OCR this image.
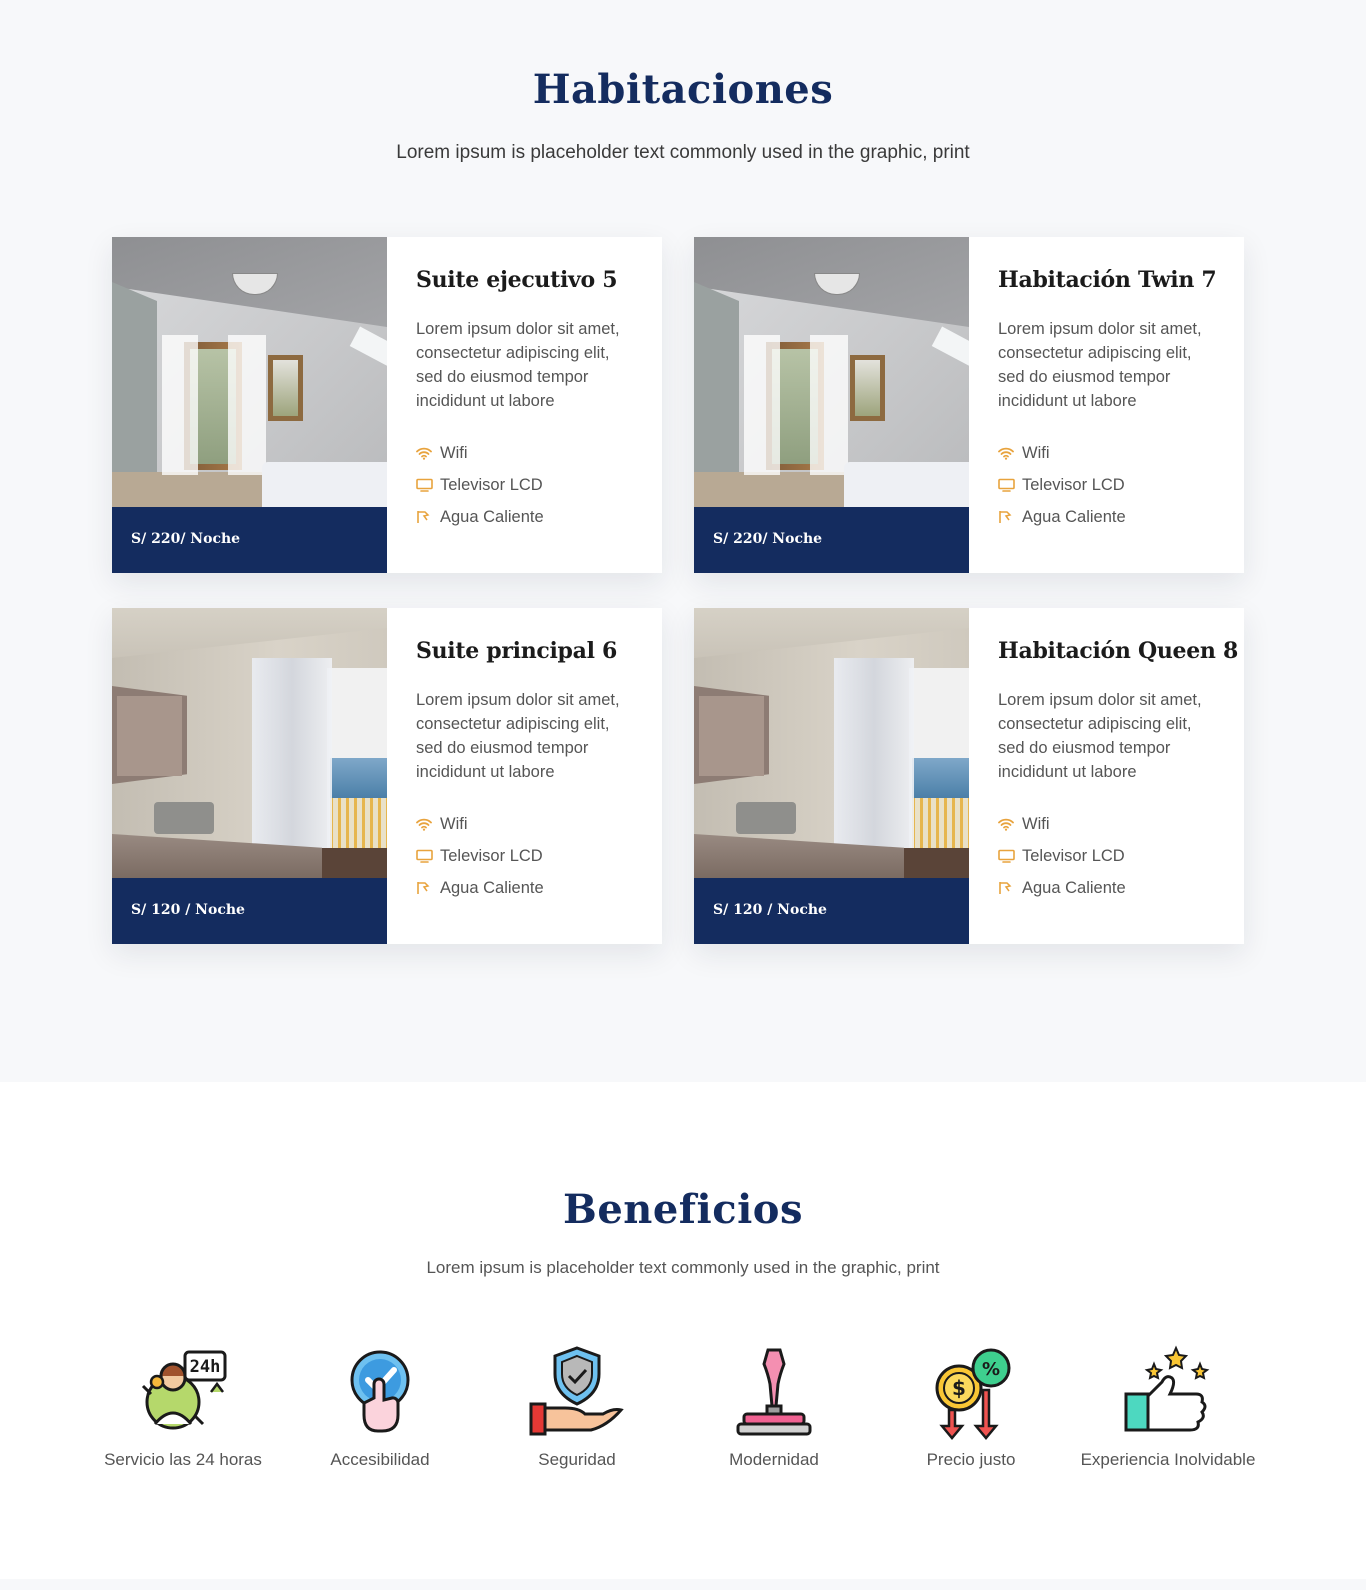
Habitaciones

Lorem ipsum is placeholder text commonly used in the graphic, print

S/ 220/ Noche
Suite ejecutivo 5

Lorem ipsum dolor sit amet, consectetur adipiscing elit, sed do eiusmod tempor incididunt ut labore

Wifi
Televisor LCD
Agua Caliente
S/ 220/ Noche
Habitación Twin 7

Lorem ipsum dolor sit amet, consectetur adipiscing elit, sed do eiusmod tempor incididunt ut labore

Wifi
Televisor LCD
Agua Caliente
S/ 120 / Noche
Suite principal 6

Lorem ipsum dolor sit amet, consectetur adipiscing elit, sed do eiusmod tempor incididunt ut labore

Wifi
Televisor LCD
Agua Caliente
S/ 120 / Noche
Habitación Queen 8

Lorem ipsum dolor sit amet, consectetur adipiscing elit, sed do eiusmod tempor incididunt ut labore

Wifi
Televisor LCD
Agua Caliente
Beneficios

Lorem ipsum is placeholder text commonly used in the graphic, print

24h
Servicio las 24 horas	Accesibilidad	Seguridad	Modernidad
$
%
Precio justo	Experiencia Inolvidable
